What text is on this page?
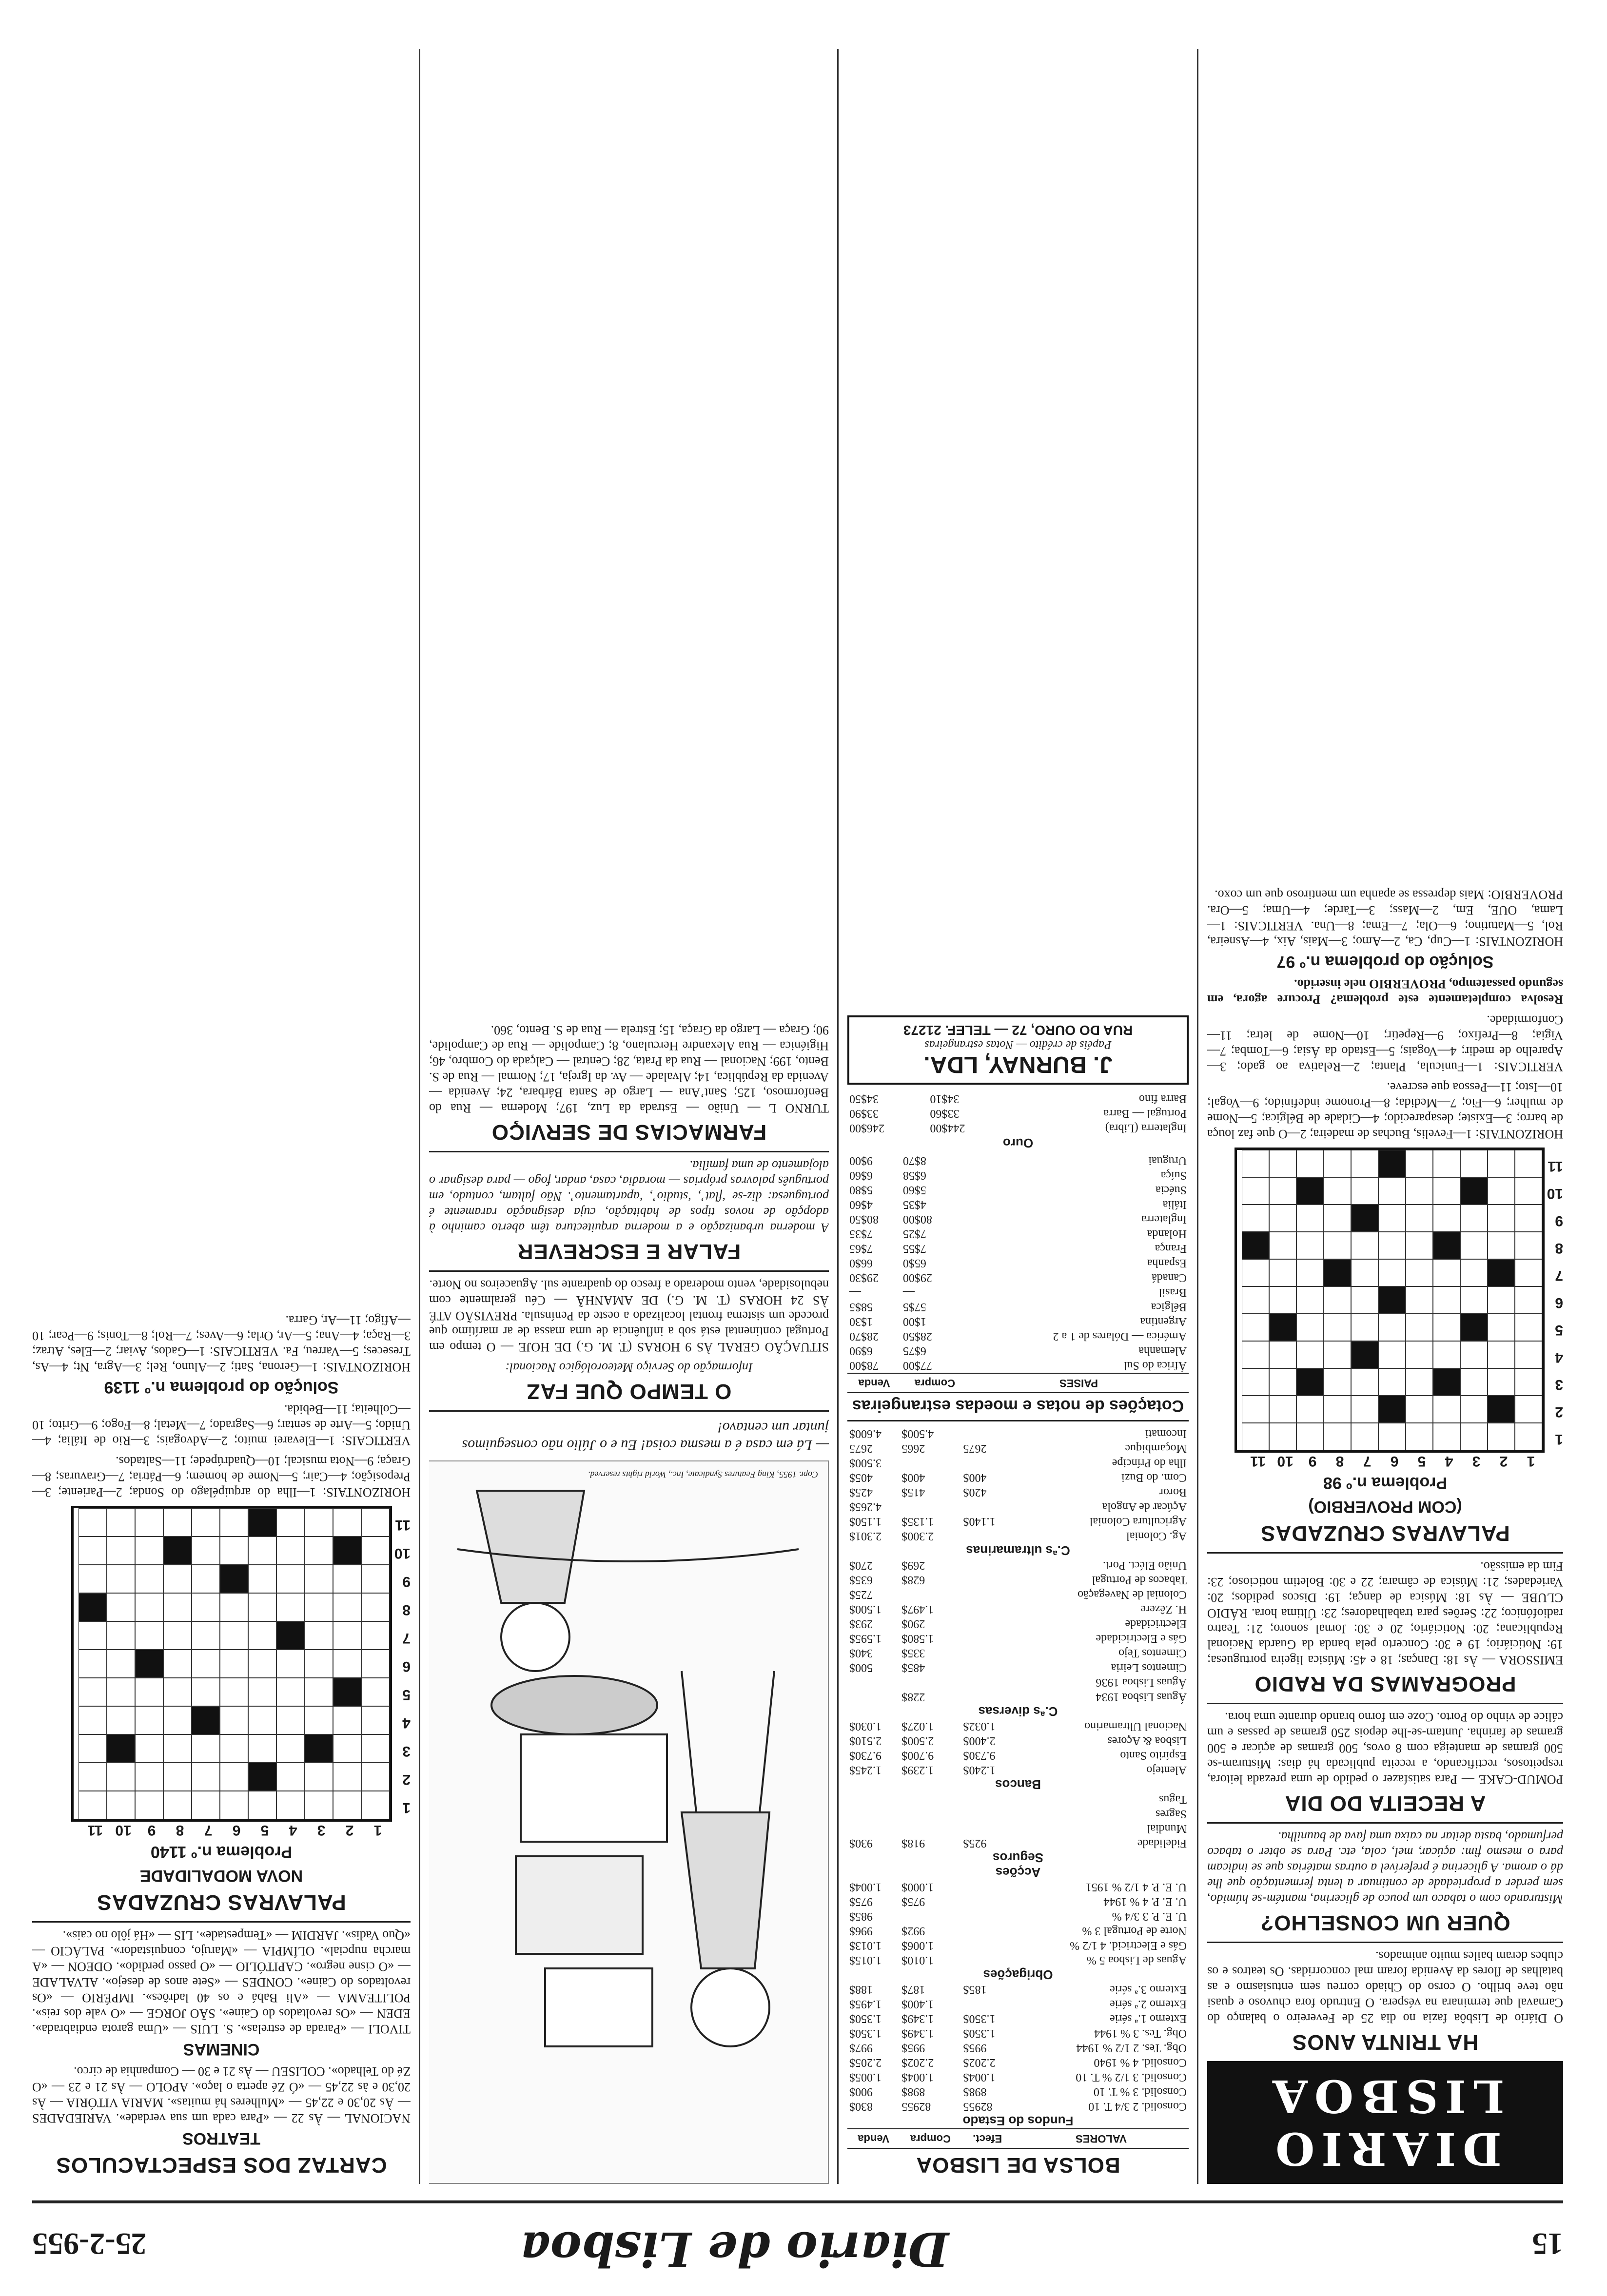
15
Diario de Lisboa
25-2-955
DIARIO LISBOA
HA TRINTA ANOS

O Diário de Lisbôa fazia no dia 25 de Fevereiro o balanço do Carnaval que terminara na véspera. O Entrudo fora chuvoso e quasi não teve brilho. O corso do Chiado correu sem entusiasmo e as batalhas de flores da Avenida foram mal concorridas. Os teatros e os clubes deram bailes muito animados.

QUER UM CONSELHO?

Misturando com o tabaco um pouco de glicerina, mantém-se húmido, sem perder a propriedade de continuar a lenta fermentação que lhe dá o aroma. A glicerina é preferível a outras matérias que se indicam para o mesmo fim: açúcar, mel, cola, etc. Para se obter o tabaco perfumado, basta deitar na caixa uma fava de baunilha.

A RECEITA DO DIA

POMUD-CAKE — Para satisfazer o pedido de uma prezada leitora, respeitosos, rectificando, a receita publicada há dias: Misturam-se 500 gramas de manteiga com 8 ovos, 500 gramas de açúcar e 500 gramas de farinha. Juntam-se-lhe depois 250 gramas de passas e um cálice de vinho do Porto. Coze em forno brando durante uma hora.

PROGRAMAS DA RADIO

EMISSORA — Às 18: Danças; 18 e 45: Música ligeira portuguesa; 19: Noticiário; 19 e 30: Concerto pela banda da Guarda Nacional Republicana; 20: Noticiário; 20 e 30: Jornal sonoro; 21: Teatro radiofónico; 22: Serões para trabalhadores; 23: Última hora. RÁDIO CLUBE — Às 18: Música de dança; 19: Discos pedidos; 20: Variedades; 21: Música de câmara; 22 e 30: Boletim noticioso; 23: Fim da emissão.

PALAVRAS CRUZADAS
(COM PROVERBIO)
Problema n.º 98
1
2
3
4
5
6
7
8
9
10
11
1
2
3
4
5
6
7
8
9
10
11

HORIZONTAIS: 1—Fevelis, Buchas de madeira; 2—O que faz louça de barro; 3—Existe; desaparecido; 4—Cidade de Bélgica; 5—Nome de mulher; 6—Fio; 7—Medida; 8—Pronome indefinido; 9—Vogal; 10—Isto; 11—Pessoa que escreve.

VERTICAIS: 1—Funicula, Planta; 2—Relativa ao gado; 3—Aparelho de medir; 4—Vogais; 5—Estado da Ásia; 6—Tomba; 7—Vigia; 8—Prefixo; 9—Repetir; 10—Nome de letra; 11—Conformidade.

Resolva completamente este problema? Procure agora, em segundo passatempo, PROVERBIO nele inserido.

Solução do problema n.º 97

HORIZONTAIS: 1—Cup, Ca, 2—Amo; 3—Mais, Aix, 4—Asneira, Rol, 5—Matutino; 6—Ola; 7—Ema; 8—Una. VERTICAIS: 1—Lama, OUE, Em, 2—Mass; 3—Tarde; 4—Uma; 5—Ora. PROVERBIO: Mais depressa se apanha um mentiroso que um coxo.

BOLSA DE LISBOA
VALORES	Efect.	Compra	Venda
Fundos do Estado			
Consolid. 2 3/4 T. 10	82955	82955	830$
Consolid. 3 % T. 10	898$	898$	900$
Consolid. 3 1/2 % T. 10	1.004$	1.004$	1.005$
Consolid. 4 % 1940	2.202$	2.202$	2.205$
Obg. Tes. 2 1/2 % 1944	995$	995$	997$
Obg. Tes. 3 % 1944	1.350$	1.349$	1.350$
Externo 1.ª série	1.350$	1.349$	1.350$
Externo 2.ª série		1.400$	1.495$
Externo 3.ª série	185$	187$	188$
Obrigações			
Aguas de Lisboa 5 %		1.010$	1.015$
Gás e Electricid. 4 1/2 %		1.006$	1.013$
Norte de Portugal 3 %		992$	996$
U. E. P. 3 3/4 %			985$
U. E. P. 4 % 1944		975$	975$
U. E. P. 4 1/2 % 1951		1.000$	1.004$
Acções			
Seguros			
Fidelidade	925$	918$	930$
Mundial			
Sagres			
Tagus			
Bancos			
Alentejo	1.240$	1.239$	1.245$
Espírito Santo	9.730$	9.700$	9.730$
Lisboa & Açores	2.400$	2.500$	2.510$
Nacional Ultramarino	1.032$	1.027$	1.030$
C.ªs diversas			
Águas Lisboa 1934		228$	
Águas Lisboa 1936			
Cimentos Leiria		485$	500$
Cimentos Tejo		335$	340$
Gás e Electricidade		1.580$	1.595$
Electricidade		290$	293$
H. Zêzere		1.497$	1.500$
Colonial de Navegação			725$
Tabacos de Portugal		628$	635$
União Eléct. Port.		269$	270$
C.ªs ultramarinas			
Ag. Colonial		2.300$	2.301$
Agricultura Colonial	1.140$	1.135$	1.150$
Açúcar de Angola			4.265$
Boror	420$	415$	425$
Com. do Buzi	400$	400$	405$
Ilha do Príncipe			3.500$
Moçambique	2675	2665	2675
Incomati		4.500$	4.600$
Cotações de notas e moedas estrangeiras
PAISES	Compra	Venda
África do Sul	77$00	78$00
Alemanha	6$75	6$90
América — Dólares de 1 a 2	28$50	28$70
Argentina	1$00	1$30
Bélgica	57$5	58$5
Brasil	—	—
Canadá	29$00	29$30
Espanha	65$0	66$0
França	7$55	7$65
Holanda	7$25	7$35
Inglaterra	80$00	80$50
Itália	4$35	4$60
Suécia	5$60	5$80
Suíça	6$58	6$60
Uruguai	8$70	9$00
Ouro
Inglaterra (Libra)	244$00	246$00
Portugal — Barra	33$60	33$90
Barra fino	34$10	34$50
J. BURNAY, LDA.
Papéis de crédito — Notas estrangeiras
RUA DO OURO, 72 — TELEF. 21273
Copr. 1955, King Features Syndicate, Inc., World rights reserved.

— Lá em casa é a mesma coisa! Eu e o Júlio não conseguimos juntar um centavo!

O TEMPO QUE FAZ

Informação do Serviço Meteorológico Nacional:

SITUAÇÃO GERAL ÀS 9 HORAS (T. M. G.) DE HOJE — O tempo em Portugal continental está sob a influência de uma massa de ar marítimo que procede um sistema frontal localizado a oeste da Península. PREVISÃO ATÉ ÀS 24 HORAS (T. M. G.) DE AMANHÃ — Céu geralmente com nebulosidade, vento moderado a fresco do quadrante sul. Aguaceiros no Norte.

FALAR E ESCREVER

A moderna urbanização e a moderna arquitectura têm aberto caminho à adopção de novos tipos de habitação, cuja designação raramente é portuguesa: diz-se ‘flat’, ‘studio’, ‘apartamento’. Não faltam, contudo, em português palavras próprias — moradia, casa, andar, fogo — para designar o alojamento de uma família.

FARMACIAS DE SERVIÇO

TURNO L — União — Estrada da Luz, 197; Moderna — Rua do Benformoso, 125; Sant’Ana — Largo de Santa Bárbara, 24; Avenida — Avenida da República, 14; Alvalade — Av. da Igreja, 17; Normal — Rua de S. Bento, 199; Nacional — Rua da Prata, 28; Central — Calçada do Combro, 46; Higiénica — Rua Alexandre Herculano, 8; Campolide — Rua de Campolide, 90; Graça — Largo da Graça, 15; Estrela — Rua de S. Bento, 360.

CARTAZ DOS ESPECTACULOS
TEATROS

NACIONAL — Às 22 — «Para cada um sua verdade». VARIEDADES — Às 20,30 e 22,45 — «Mulheres há muitas». MARIA VITÓRIA — Às 20,30 e às 22,45 — «Ó Zé aperta o laço». APOLO — Às 21 e 23 — «O Zé do Telhado». COLISEU — Às 21 e 30 — Companhia de circo.

CINEMAS

TIVOLI — «Parada de estrelas». S. LUIS — «Uma garota endiabrada». EDEN — «Os revoltados do Caine». SÃO JORGE — «O vale dos reis». POLITEAMA — «Ali Babá e os 40 ladrões». IMPÉRIO — «Os revoltados do Caine». CONDES — «Sete anos de desejo». ALVALADE — «O cisne negro». CAPITÓLIO — «O passo perdido». ODEON — «A marcha nupcial». OLÍMPIA — «Marujo, conquistador». PALÁCIO — «Quo Vadis». JARDIM — «Tempestade». LIS — «Há jôlo no cais».

PALAVRAS CRUZADAS
NOVA MODALIDADE
Problema n.º 1140
1
2
3
4
5
6
7
8
9
10
11
1
2
3
4
5
6
7
8
9
10
11

HORIZONTAIS: 1—Ilha do arquipélago do Sonda; 2—Pariente; 3—Preposição; 4—Cair; 5—Nome de homem; 6—Pátria; 7—Gravuras; 8—Graça; 9—Nota musical; 10—Quadrúpede; 11—Saltados.

VERTICAIS: 1—Elevarei muito; 2—Advogais; 3—Rio de Itália; 4—Unido; 5—Arte de sentar; 6—Sagrado; 7—Metal; 8—Fogo; 9—Grito; 10—Colheita; 11—Bebida.

Solução do problema n.º 1139

HORIZONTAIS: 1—Gerona, Sati; 2—Aluno, Rel; 3—Agra, Nt; 4—As, Treseces; 5—Varreu, Fa. VERTICAIS: 1—Gados, Aviar; 2—Eles, Atraz; 3—Raça; 4—Ana; 5—Ar, Orla; 6—Aves; 7—Rol; 8—Tonis; 9—Pear; 10—Afigo; 11—Ar, Garra.
